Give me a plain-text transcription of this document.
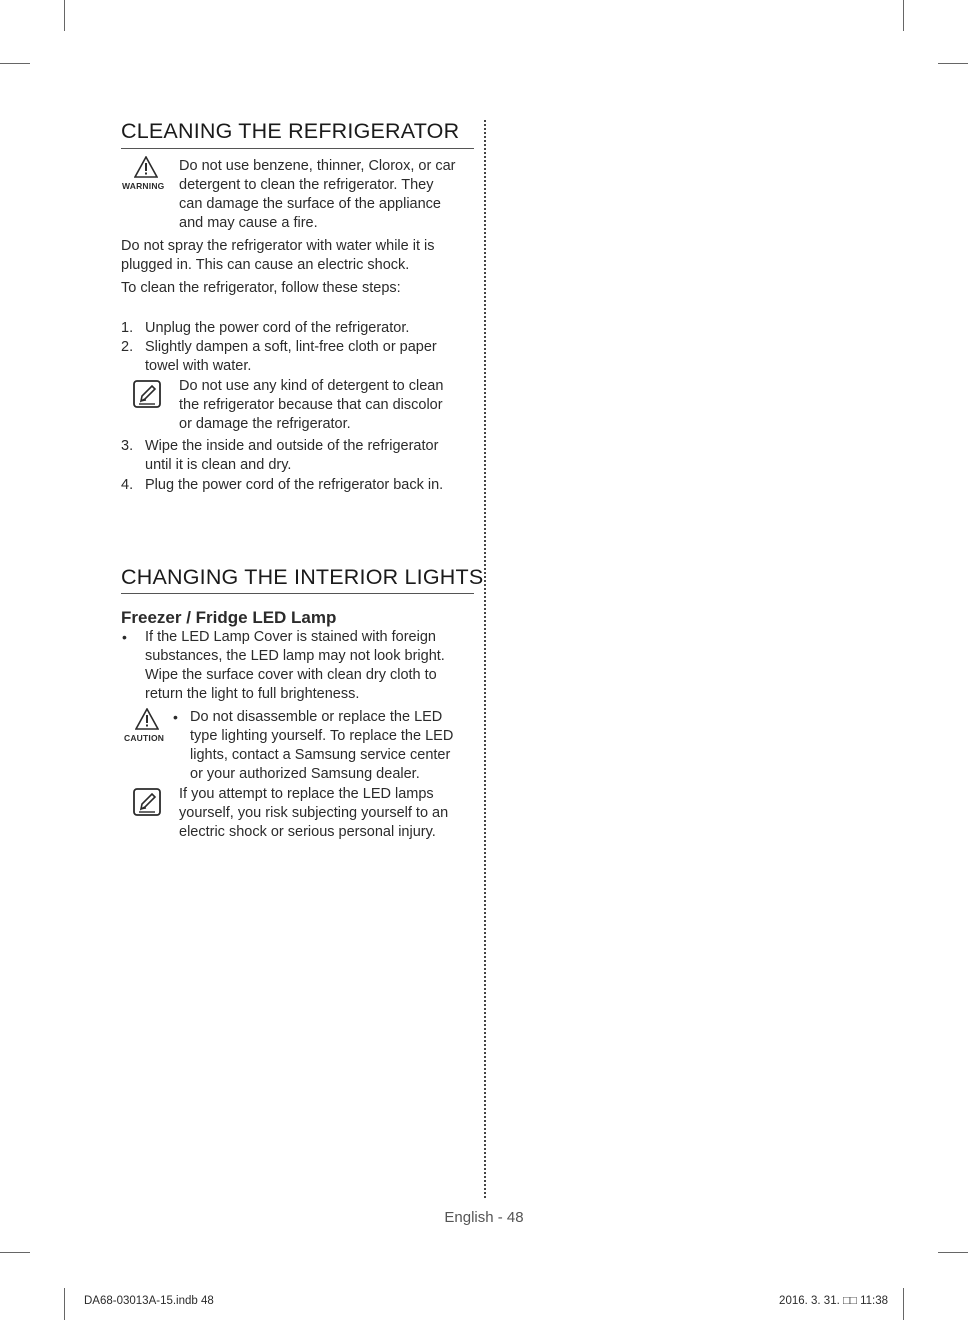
CLEANING THE REFRIGERATOR
WARNING
Do not use benzene, thinner, Clorox, or car
detergent to clean the refrigerator. They
can damage the surface of the appliance
and may cause a fire.
Do not spray the refrigerator with water while it is
plugged in. This can cause an electric shock.
To clean the refrigerator, follow these steps:
1. Unplug the power cord of the refrigerator.
2. Slightly dampen a soft, lint-free cloth or paper
towel with water.
Do not use any kind of detergent to clean
the refrigerator because that can discolor
or damage the refrigerator.
3. Wipe the inside and outside of the refrigerator
until it is clean and dry.
4. Plug the power cord of the refrigerator back in.
CHANGING THE INTERIOR LIGHTS
Freezer / Fridge LED Lamp
• If the LED Lamp Cover is stained with foreign
substances, the LED lamp may not look bright.
Wipe the surface cover with clean dry cloth to
return the light to full brighteness.
CAUTION
• Do not disassemble or replace the LED
type lighting yourself. To replace the LED
lights, contact a Samsung service center
or your authorized Samsung dealer.
If you attempt to replace the LED lamps
yourself, you risk subjecting yourself to an
electric shock or serious personal injury.
English - 48
DA68-03013A-15.indb 48	2016. 3. 31. □□ 11:38
